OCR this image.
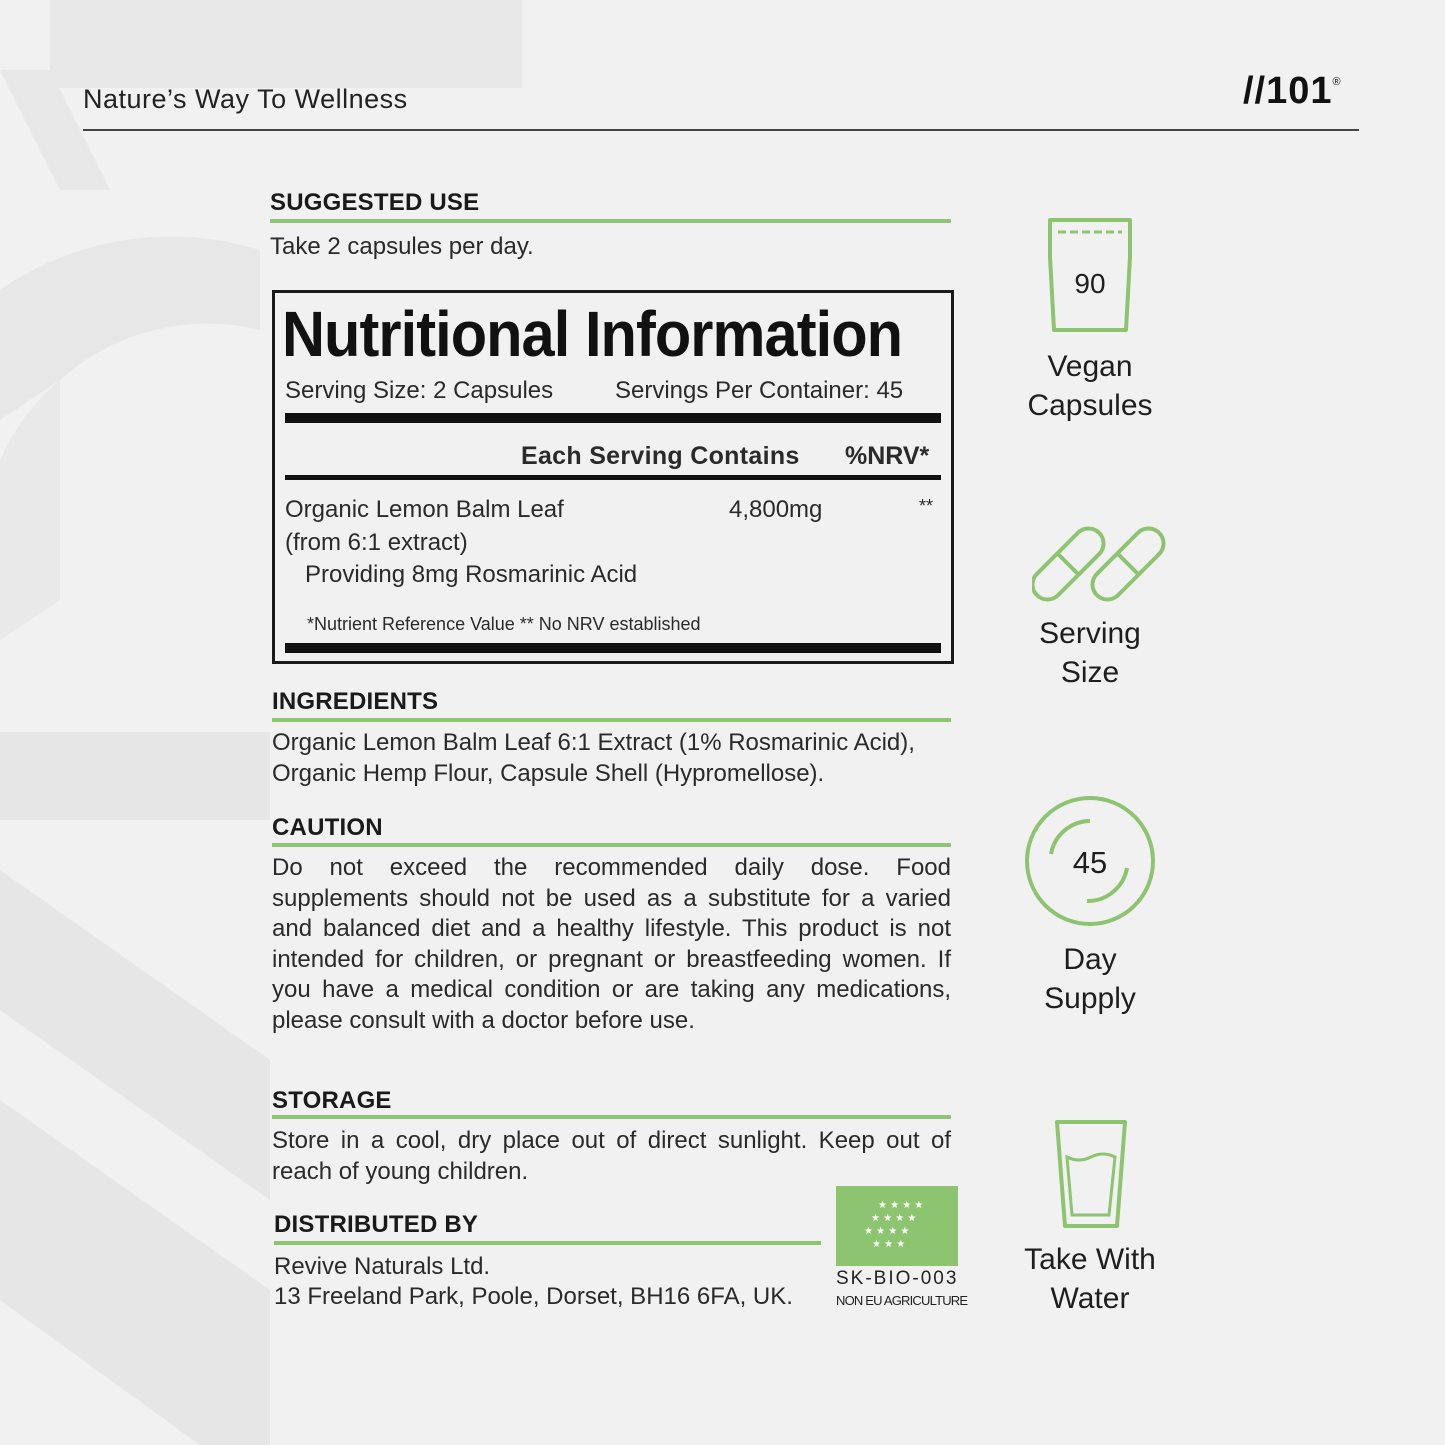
Nature’s Way To Wellness	//101®
SUGGESTED USE
Take 2 capsules per day.
Nutritional Information
Serving Size: 2 Capsules	Servings Per Container: 45
Each Serving Contains %NRV*
Organic Lemon Balm Leaf
(from 6:1 extract)
4,800mg	**
Providing 8mg Rosmarinic Acid
*Nutrient Reference Value ** No NRV established
INGREDIENTS
Organic Lemon Balm Leaf 6:1 Extract (1% Rosmarinic Acid), Organic Hemp Flour, Capsule Shell (Hypromellose).
CAUTION
Do not exceed the recommended daily dose. Food supplements should not be used as a substitute for a varied and balanced diet and a healthy lifestyle. This product is not intended for children, or pregnant or breastfeeding women. If you have a medical condition or are taking any medications, please consult with a doctor before use.
STORAGE
Store in a cool, dry place out of direct sunlight. Keep out of reach of young children.
DISTRIBUTED BY
Revive Naturals Ltd.
13 Freeland Park, Poole, Dorset, BH16 6FA, UK.
★ ★ ★ ★
★ ★ ★ ★
★ ★ ★ ★
★ ★ ★
SK-BIO-003
NON EU AGRICULTURE
90
Vegan
Capsules
Serving
Size
45
Day
Supply
Take With
Water
